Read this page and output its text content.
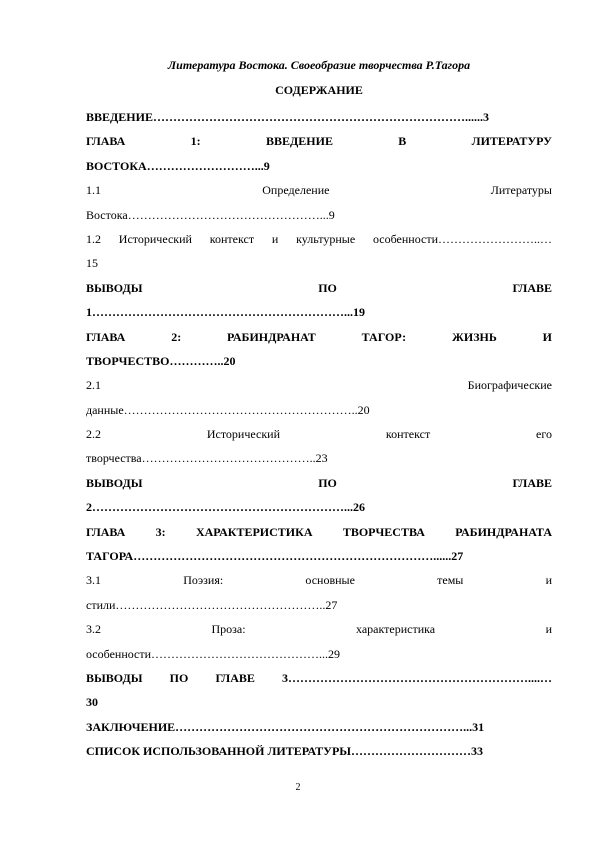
Литература Востока. Своеобразие творчества Р.Тагора
СОДЕРЖАНИЕ
ВВЕДЕНИЕ……………………………………………………………………......3
ГЛАВА 1: ВВЕДЕНИЕ В ЛИТЕРАТУРУ
ВОСТОКА………………………...9
1.1 Определение Литературы
Востока…………………………………………...9
1.2 Исторический контекст и культурные особенности……………………..…
15
ВЫВОДЫ ПО ГЛАВЕ
1………………………………………………………...19
ГЛАВА 2: РАБИНДРАНАТ ТАГОР: ЖИЗНЬ И
ТВОРЧЕСТВО…………..20
2.1 Биографические
данные…………………………………………………..20
2.2 Исторический контекст его
творчества……………………………………..23
ВЫВОДЫ ПО ГЛАВЕ
2………………………………………………………...26
ГЛАВА 3: ХАРАКТЕРИСТИКА ТВОРЧЕСТВА РАБИНДРАНАТА
ТАГОРА…………………………………………………………………......27
3.1 Поэзия: основные темы и
стили……………………………………………..27
3.2 Проза: характеристика и
особенности……………………………………...29
ВЫВОДЫ ПО ГЛАВЕ 3……………………………………………………....…
30
ЗАКЛЮЧЕНИЕ………………………………………………………………...31
СПИСОК ИСПОЛЬЗОВАННОЙ ЛИТЕРАТУРЫ…………………………33
2
